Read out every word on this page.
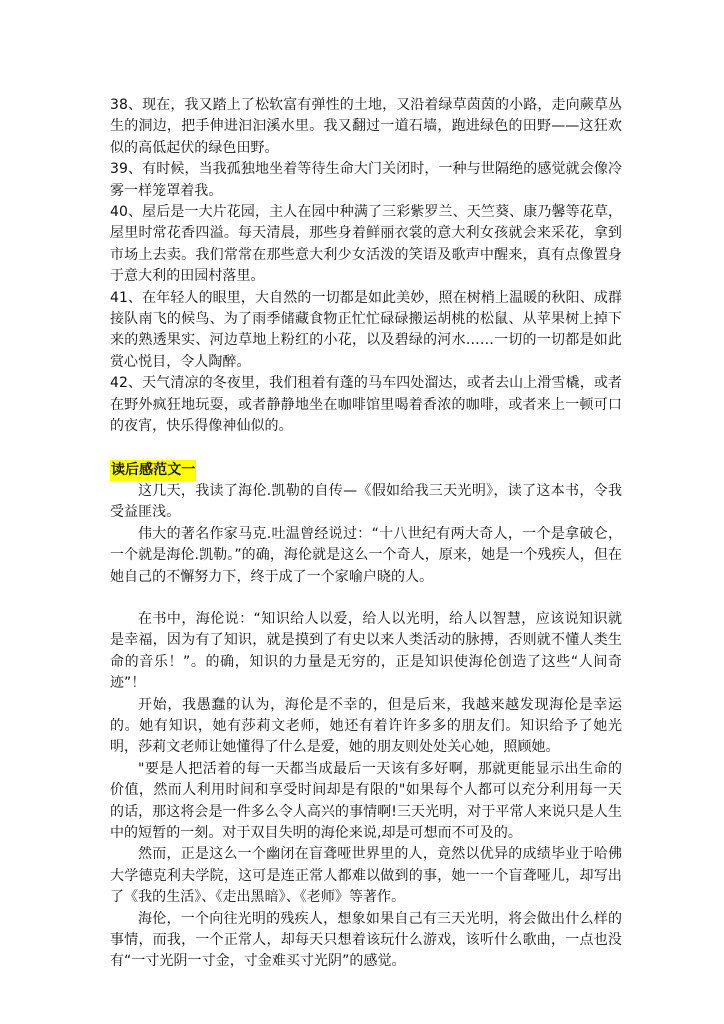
38、现在，我又踏上了松软富有弹性的土地，又沿着绿草茵茵的小路，走向蕨草丛生的洞边，把手伸进汩汩溪水里。我又翻过一道石墙，跑进绿色的田野——这狂欢似的高低起伏的绿色田野。

39、有时候，当我孤独地坐着等待生命大门关闭时，一种与世隔绝的感觉就会像冷雾一样笼罩着我。

40、屋后是一大片花园，主人在园中种满了三彩紫罗兰、天竺葵、康乃馨等花草，屋里时常花香四溢。每天清晨，那些身着鲜丽衣裳的意大利女孩就会来采花，拿到市场上去卖。我们常常在那些意大利少女活泼的笑语及歌声中醒来，真有点像置身于意大利的田园村落里。

41、在年轻人的眼里，大自然的一切都是如此美妙，照在树梢上温暖的秋阳、成群接队南飞的候鸟、为了雨季储藏食物正忙忙碌碌搬运胡桃的松鼠、从苹果树上掉下来的熟透果实、河边草地上粉红的小花，以及碧绿的河水……一切的一切都是如此赏心悦目，令人陶醉。

42、天气清凉的冬夜里，我们租着有蓬的马车四处溜达，或者去山上滑雪橇，或者在野外疯狂地玩耍，或者静静地坐在咖啡馆里喝着香浓的咖啡，或者来上一顿可口的夜宵，快乐得像神仙似的。

读后感范文一

这几天，我读了海伦.凯勒的自传—《假如给我三天光明》，读了这本书，令我受益匪浅。

伟大的著名作家马克.吐温曾经说过：“十八世纪有两大奇人，一个是拿破仑，一个就是海伦.凯勒。”的确，海伦就是这么一个奇人，原来，她是一个残疾人，但在她自己的不懈努力下，终于成了一个家喻户晓的人。

在书中，海伦说：“知识给人以爱，给人以光明，给人以智慧，应该说知识就是幸福，因为有了知识，就是摸到了有史以来人类活动的脉搏，否则就不懂人类生命的音乐！”。的确，知识的力量是无穷的，正是知识使海伦创造了这些“人间奇迹”！

开始，我愚蠢的认为，海伦是不幸的，但是后来，我越来越发现海伦是幸运的。她有知识，她有莎莉文老师，她还有着许许多多的朋友们。知识给予了她光明，莎莉文老师让她懂得了什么是爱，她的朋友则处处关心她，照顾她。

"要是人把活着的每一天都当成最后一天该有多好啊，那就更能显示出生命的价值，然而人利用时间和享受时间却是有限的"如果每个人都可以充分利用每一天的话，那这将会是一件多么令人高兴的事情啊!三天光明，对于平常人来说只是人生中的短暂的一刻。对于双目失明的海伦来说,却是可想而不可及的。

然而，正是这么一个幽闭在盲聋哑世界里的人，竟然以优异的成绩毕业于哈佛大学德克利夫学院，这可是连正常人都难以做到的事，她一一个盲聋哑儿，却写出了《我的生活》、《走出黑暗》、《老师》等著作。

海伦，一个向往光明的残疾人，想象如果自己有三天光明，将会做出什么样的事情，而我，一个正常人，却每天只想着该玩什么游戏，该听什么歌曲，一点也没有“一寸光阴一寸金，寸金难买寸光阴”的感觉。
